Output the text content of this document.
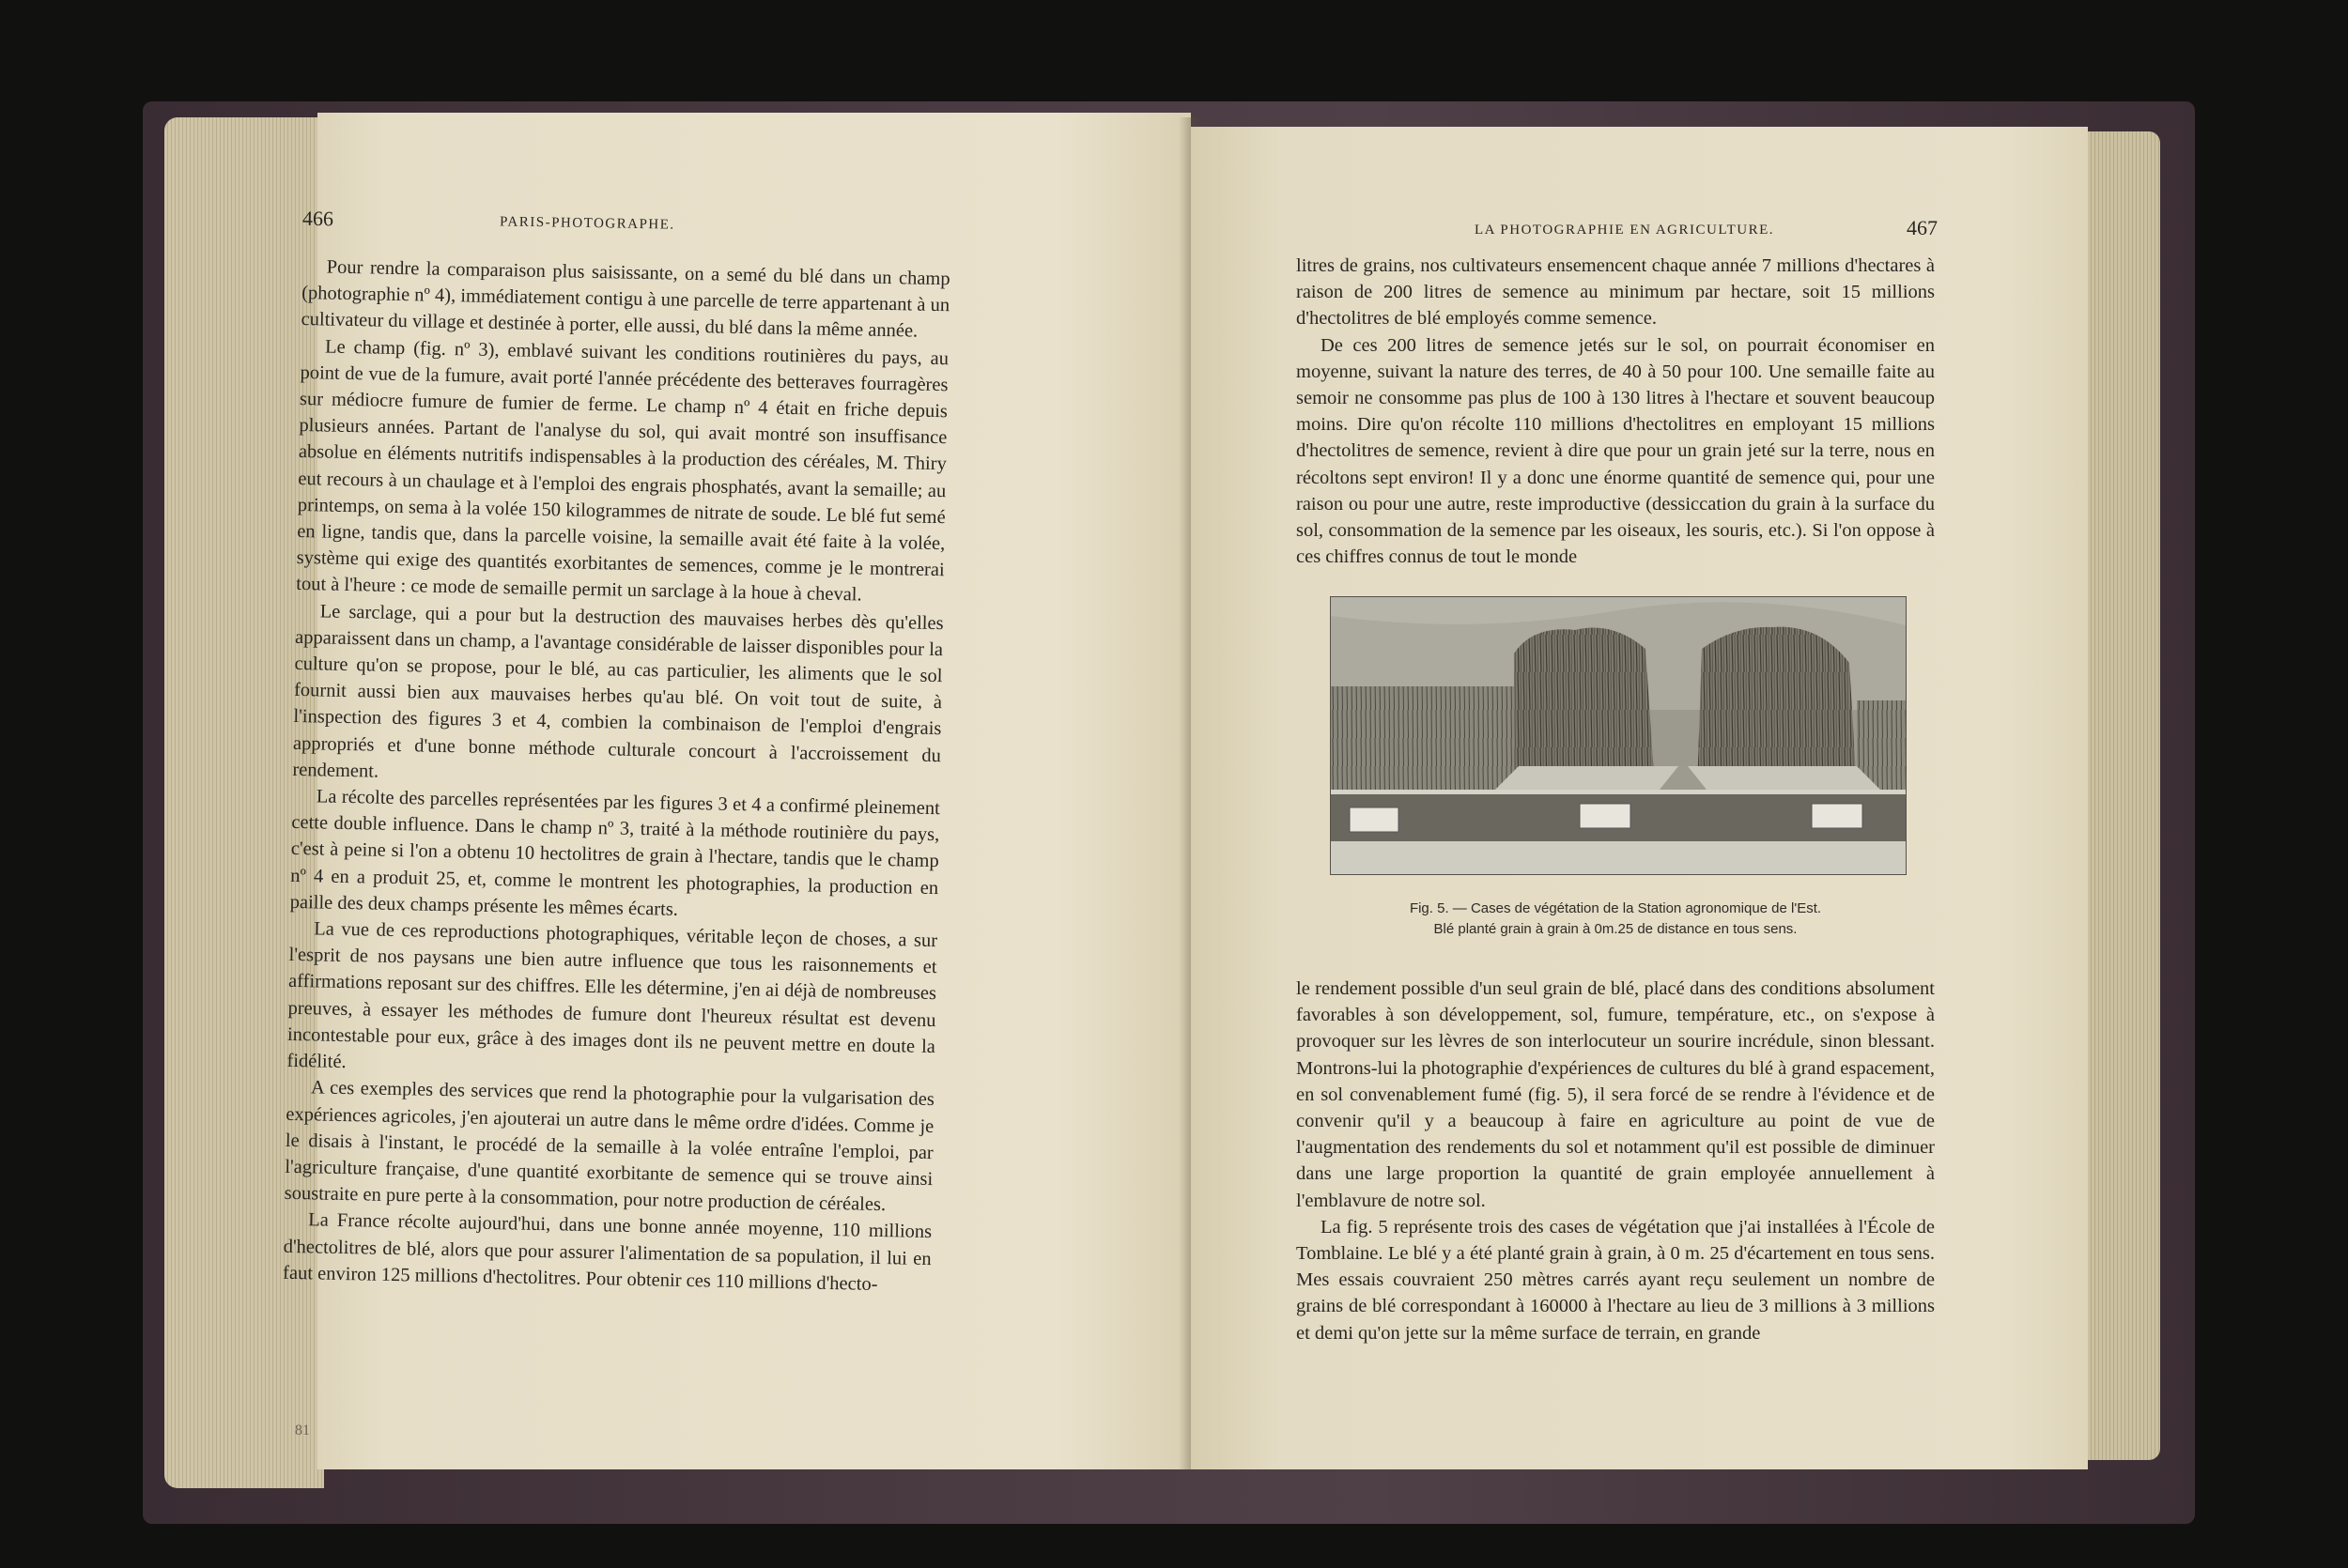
466	PARIS-PHOTOGRAPHE.

Pour rendre la comparaison plus saisissante, on a semé du blé dans un champ (photographie nº 4), immédiatement contigu à une parcelle de terre appartenant à un cultivateur du village et destinée à porter, elle aussi, du blé dans la même année.

Le champ (fig. nº 3), emblavé suivant les conditions routinières du pays, au point de vue de la fumure, avait porté l'année précédente des betteraves fourragères sur médiocre fumure de fumier de ferme. Le champ nº 4 était en friche depuis plusieurs années. Partant de l'analyse du sol, qui avait montré son insuffisance absolue en éléments nutritifs indispensables à la production des céréales, M. Thiry eut recours à un chaulage et à l'emploi des engrais phosphatés, avant la semaille; au printemps, on sema à la volée 150 kilogrammes de nitrate de soude. Le blé fut semé en ligne, tandis que, dans la parcelle voisine, la semaille avait été faite à la volée, système qui exige des quantités exorbitantes de semences, comme je le montrerai tout à l'heure : ce mode de semaille permit un sarclage à la houe à cheval.

Le sarclage, qui a pour but la destruction des mauvaises herbes dès qu'elles apparaissent dans un champ, a l'avantage considérable de laisser disponibles pour la culture qu'on se propose, pour le blé, au cas particulier, les aliments que le sol fournit aussi bien aux mauvaises herbes qu'au blé. On voit tout de suite, à l'inspection des figures 3 et 4, combien la combinaison de l'emploi d'engrais appropriés et d'une bonne méthode culturale concourt à l'accroissement du rendement.

La récolte des parcelles représentées par les figures 3 et 4 a confirmé pleinement cette double influence. Dans le champ nº 3, traité à la méthode routinière du pays, c'est à peine si l'on a obtenu 10 hectolitres de grain à l'hectare, tandis que le champ nº 4 en a produit 25, et, comme le montrent les photographies, la production en paille des deux champs présente les mêmes écarts.

La vue de ces reproductions photographiques, véritable leçon de choses, a sur l'esprit de nos paysans une bien autre influence que tous les raisonnements et affirmations reposant sur des chiffres. Elle les détermine, j'en ai déjà de nombreuses preuves, à essayer les méthodes de fumure dont l'heureux résultat est devenu incontestable pour eux, grâce à des images dont ils ne peuvent mettre en doute la fidélité.

A ces exemples des services que rend la photographie pour la vulgarisation des expériences agricoles, j'en ajouterai un autre dans le même ordre d'idées. Comme je le disais à l'instant, le procédé de la semaille à la volée entraîne l'emploi, par l'agriculture française, d'une quantité exorbitante de semence qui se trouve ainsi soustraite en pure perte à la consommation, pour notre production de céréales.

La France récolte aujourd'hui, dans une bonne année moyenne, 110 millions d'hectolitres de blé, alors que pour assurer l'alimentation de sa population, il lui en faut environ 125 millions d'hectolitres. Pour obtenir ces 110 millions d'hecto-

81
LA PHOTOGRAPHIE EN AGRICULTURE.	467

litres de grains, nos cultivateurs ensemencent chaque année 7 millions d'hectares à raison de 200 litres de semence au minimum par hectare, soit 15 millions d'hectolitres de blé employés comme semence.

De ces 200 litres de semence jetés sur le sol, on pourrait économiser en moyenne, suivant la nature des terres, de 40 à 50 pour 100. Une semaille faite au semoir ne consomme pas plus de 100 à 130 litres à l'hectare et souvent beaucoup moins. Dire qu'on récolte 110 millions d'hectolitres en employant 15 millions d'hectolitres de semence, revient à dire que pour un grain jeté sur la terre, nous en récoltons sept environ! Il y a donc une énorme quantité de semence qui, pour une raison ou pour une autre, reste improductive (dessiccation du grain à la surface du sol, consommation de la semence par les oiseaux, les souris, etc.). Si l'on oppose à ces chiffres connus de tout le monde

Fig. 5. — Cases de végétation de la Station agronomique de l'Est.
Blé planté grain à grain à 0m.25 de distance en tous sens.

le rendement possible d'un seul grain de blé, placé dans des conditions absolument favorables à son développement, sol, fumure, température, etc., on s'expose à provoquer sur les lèvres de son interlocuteur un sourire incrédule, sinon blessant. Montrons-lui la photographie d'expériences de cultures du blé à grand espacement, en sol convenablement fumé (fig. 5), il sera forcé de se rendre à l'évidence et de convenir qu'il y a beaucoup à faire en agriculture au point de vue de l'augmentation des rendements du sol et notamment qu'il est possible de diminuer dans une large proportion la quantité de grain employée annuellement à l'emblavure de notre sol.

La fig. 5 représente trois des cases de végétation que j'ai installées à l'École de Tomblaine. Le blé y a été planté grain à grain, à 0 m. 25 d'écartement en tous sens. Mes essais couvraient 250 mètres carrés ayant reçu seulement un nombre de grains de blé correspondant à 160000 à l'hectare au lieu de 3 millions à 3 millions et demi qu'on jette sur la même surface de terrain, en grande
